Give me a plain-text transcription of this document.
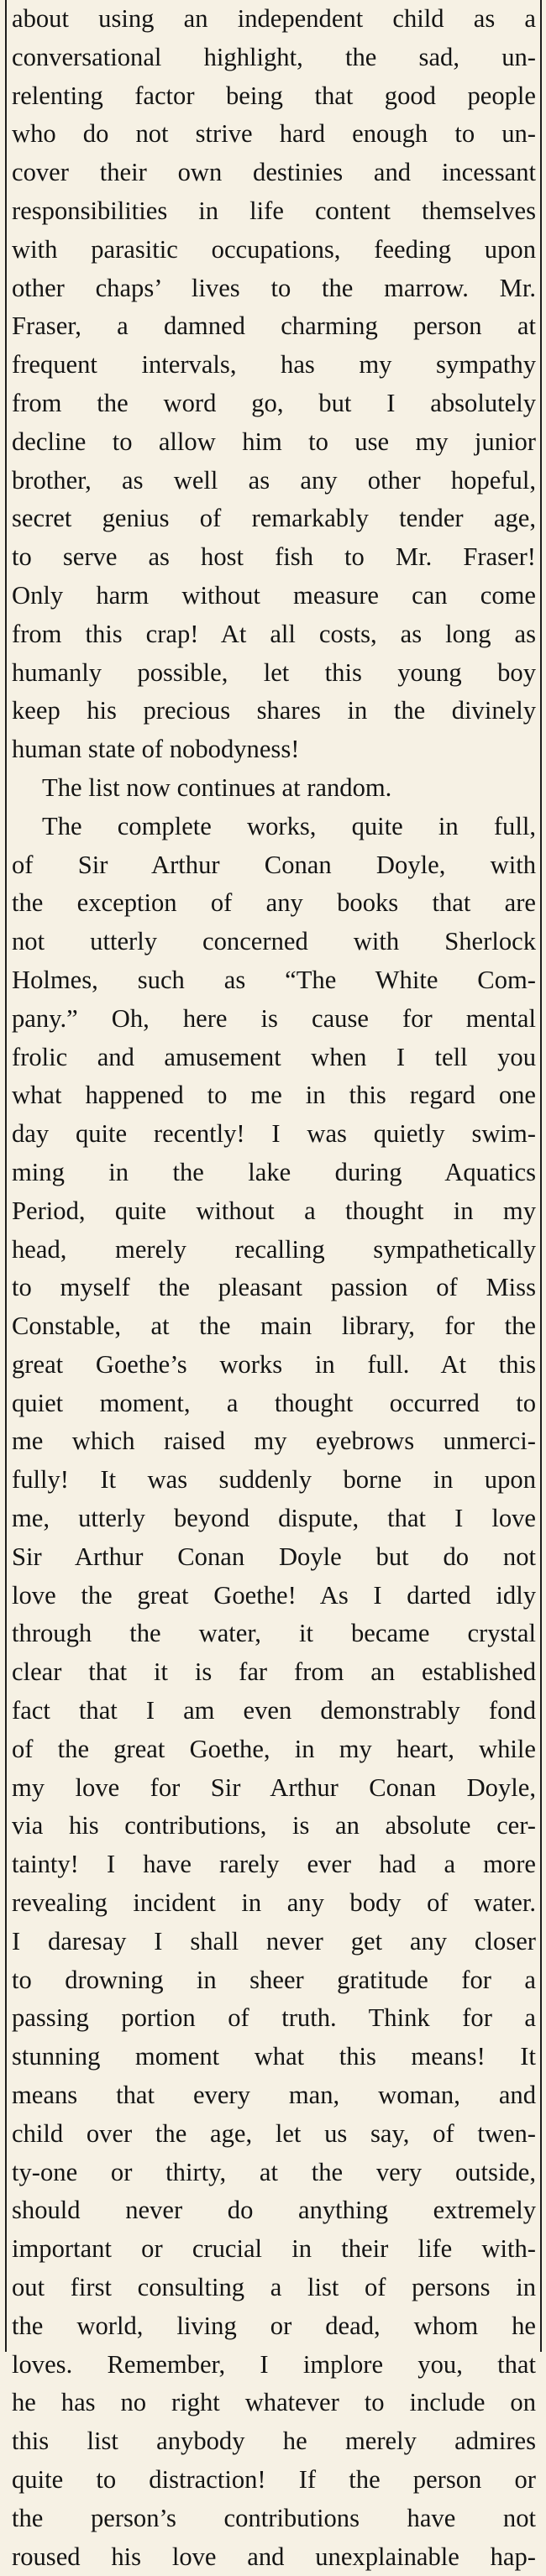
about using an independent child as a
conversational highlight, the sad, un-
relenting factor being that good people
who do not strive hard enough to un-
cover their own destinies and incessant
responsibilities in life content themselves
with parasitic occupations, feeding upon
other chaps’ lives to the marrow. Mr.
Fraser, a damned charming person at
frequent intervals, has my sympathy
from the word go, but I absolutely
decline to allow him to use my junior
brother, as well as any other hopeful,
secret genius of remarkably tender age,
to serve as host fish to Mr. Fraser!
Only harm without measure can come
from this crap! At all costs, as long as
humanly possible, let this young boy
keep his precious shares in the divinely
human state of nobodyness!
The list now continues at random.
The complete works, quite in full,
of Sir Arthur Conan Doyle, with
the exception of any books that are
not utterly concerned with Sherlock
Holmes, such as “The White Com-
pany.” Oh, here is cause for mental
frolic and amusement when I tell you
what happened to me in this regard one
day quite recently! I was quietly swim-
ming in the lake during Aquatics
Period, quite without a thought in my
head, merely recalling sympathetically
to myself the pleasant passion of Miss
Constable, at the main library, for the
great Goethe’s works in full. At this
quiet moment, a thought occurred to
me which raised my eyebrows unmerci-
fully! It was suddenly borne in upon
me, utterly beyond dispute, that I love
Sir Arthur Conan Doyle but do not
love the great Goethe! As I darted idly
through the water, it became crystal
clear that it is far from an established
fact that I am even demonstrably fond
of the great Goethe, in my heart, while
my love for Sir Arthur Conan Doyle,
via his contributions, is an absolute cer-
tainty! I have rarely ever had a more
revealing incident in any body of water.
I daresay I shall never get any closer
to drowning in sheer gratitude for a
passing portion of truth. Think for a
stunning moment what this means! It
means that every man, woman, and
child over the age, let us say, of twen-
ty-one or thirty, at the very outside,
should never do anything extremely
important or crucial in their life with-
out first consulting a list of persons in
the world, living or dead, whom he
loves. Remember, I implore you, that
he has no right whatever to include on
this list anybody he merely admires
quite to distraction! If the person or
the person’s contributions have not
roused his love and unexplainable hap-
